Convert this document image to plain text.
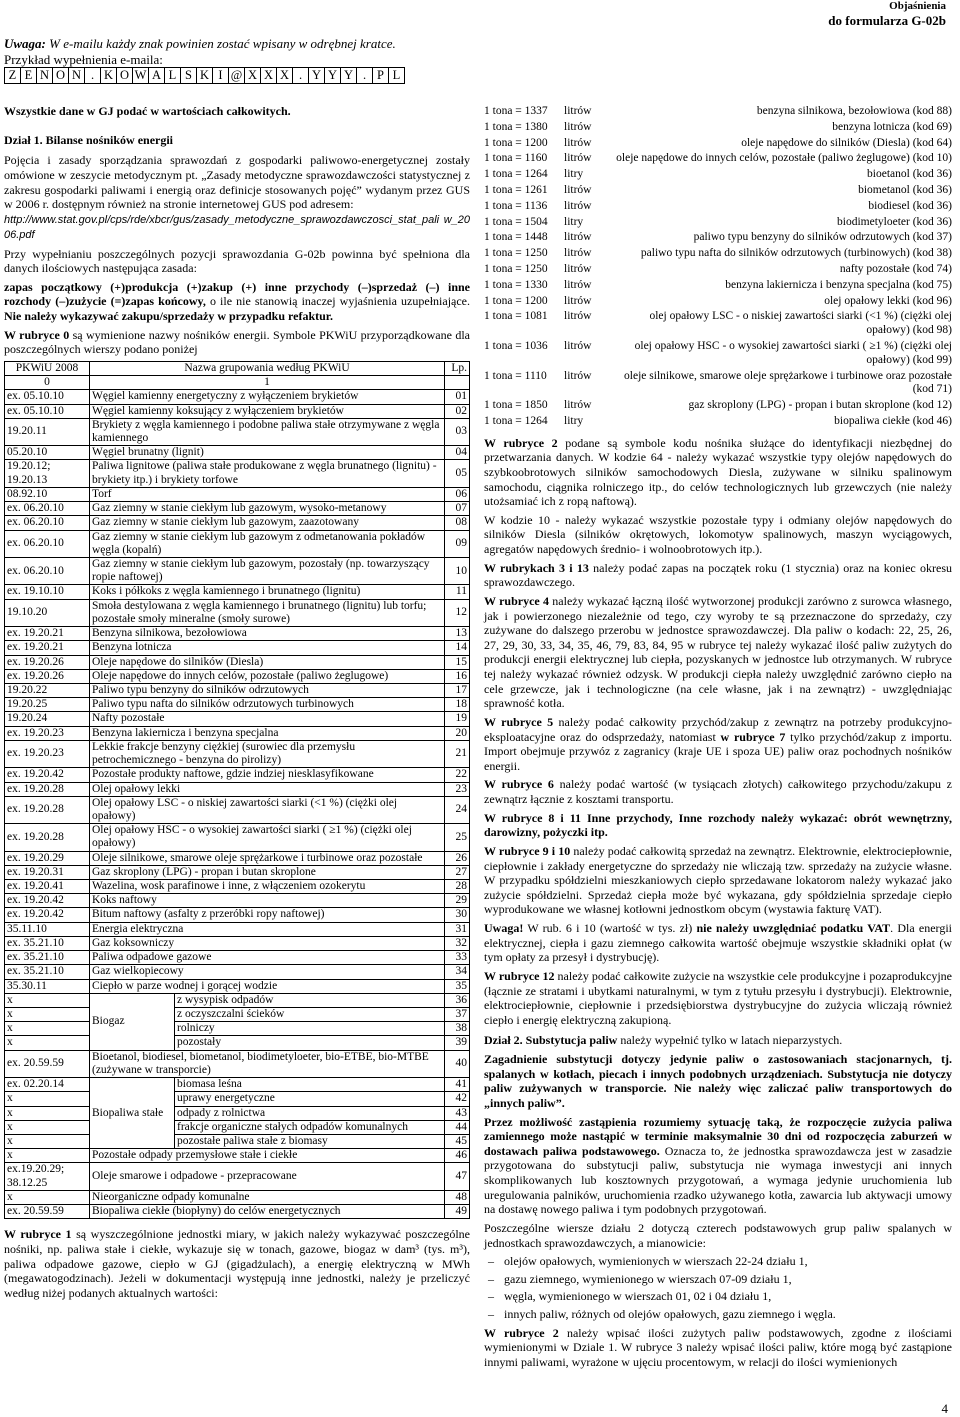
Objaśnienia
do formularza G-02b
Uwaga: W e-mailu każdy znak powinien zostać wpisany w odrębnej kratce.
Przykład wypełnienia e-maila:
Z E N O N . K O W A L S K I @ X X X . Y Y Y . P L

Wszystkie dane w GJ podać w wartościach całkowitych.

Dział 1. Bilanse nośników energii

Pojęcia i zasady sporządzania sprawozdań z gospodarki paliwowo-energetycznej zostały omówione w zeszycie metodycznym pt. „Zasady metodyczne sprawozdawczości statystycznej z zakresu gospodarki paliwami i energią oraz definicje stosowanych pojęć” wydanym przez GUS w 2006 r. dostępnym również na stronie internetowej GUS pod adresem:
http://www.stat.gov.pl/cps/rde/xbcr/gus/zasady_metodyczne_sprawozdawczosci_stat_pali w_2006.pdf

Przy wypełnianiu poszczególnych pozycji sprawozdania G-02b powinna być spełniona dla danych ilościowych następująca zasada:

zapas początkowy (+)produkcja (+)zakup (+) inne przychody (–)sprzedaż (–) inne rozchody (–)zużycie (=)zapas końcowy, o ile nie stanowią inaczej wyjaśnienia uzupełniające. Nie należy wykazywać zakupu/sprzedaży w przypadku refaktur.

W rubryce 0 są wymienione nazwy nośników energii. Symbole PKWiU przyporządkowane dla poszczególnych wierszy podano poniżej

PKWiU 2008	Nazwa grupowania według PKWiU		Lp.
0	1		
ex. 05.10.10	Węgiel kamienny energetyczny z wyłączeniem brykietów		01
ex. 05.10.10	Węgiel kamienny koksujący z wyłączeniem brykietów		02
19.20.11	Brykiety z węgla kamiennego i podobne paliwa stałe otrzymywane z węgla kamiennego		03
05.20.10	Węgiel brunatny (lignit)		04
19.20.12; 19.20.13	Paliwa lignitowe (paliwa stałe produkowane z węgla brunatnego (lignitu) - brykiety itp.) i brykiety torfowe		05
08.92.10	Torf		06
ex. 06.20.10	Gaz ziemny w stanie ciekłym lub gazowym, wysoko-metanowy		07
ex. 06.20.10	Gaz ziemny w stanie ciekłym lub gazowym, zaazotowany		08
ex. 06.20.10	Gaz ziemny w stanie ciekłym lub gazowym z odmetanowania pokładów węgla (kopalń)		09
ex. 06.20.10	Gaz ziemny w stanie ciekłym lub gazowym, pozostały (np. towarzyszący ropie naftowej)		10
ex. 19.10.10	Koks i półkoks z węgla kamiennego i brunatnego (lignitu)		11
19.10.20	Smoła destylowana z węgla kamiennego i brunatnego (lignitu) lub torfu; pozostałe smoły mineralne (smoły surowe)		12
ex. 19.20.21	Benzyna silnikowa, bezołowiowa		13
ex. 19.20.21	Benzyna lotnicza		14
ex. 19.20.26	Oleje napędowe do silników (Diesla)		15
ex. 19.20.26	Oleje napędowe do innych celów, pozostałe (paliwo żeglugowe)		16
19.20.22	Paliwo typu benzyny do silników odrzutowych		17
19.20.25	Paliwo typu nafta do silników odrzutowych turbinowych		18
19.20.24	Nafty pozostałe		19
ex. 19.20.23	Benzyna lakiernicza i benzyna specjalna		20
ex. 19.20.23	Lekkie frakcje benzyny ciężkiej (surowiec dla przemysłu petrochemicznego - benzyna do pirolizy)		21
ex. 19.20.42	Pozostałe produkty naftowe, gdzie indziej niesklasyfikowane		22
ex. 19.20.28	Olej opałowy lekki		23
ex. 19.20.28	Olej opałowy LSC - o niskiej zawartości siarki (<1 %) (ciężki olej opałowy)		24
ex. 19.20.28	Olej opałowy HSC - o wysokiej zawartości siarki ( ≥1 %) (ciężki olej opałowy)		25
ex. 19.20.29	Oleje silnikowe, smarowe oleje sprężarkowe i turbinowe oraz pozostałe		26
ex. 19.20.31	Gaz skroplony (LPG) - propan i butan skroplone		27
ex. 19.20.41	Wazelina, wosk parafinowe i inne, z włączeniem ozokerytu		28
ex. 19.20.42	Koks naftowy		29
ex. 19.20.42	Bitum naftowy (asfalty z przeróbki ropy naftowej)		30
35.11.10	Energia elektryczna		31
ex. 35.21.10	Gaz koksowniczy		32
ex. 35.21.10	Paliwa odpadowe gazowe		33
ex. 35.21.10	Gaz wielkopiecowy		34
35.30.11	Ciepło w parze wodnej i gorącej wodzie		35
x	Biogaz	z wysypisk odpadów	36
x		z oczyszczalni ścieków	37
x		rolniczy	38
x		pozostały	39
ex. 20.59.59	Bioetanol, biodiesel, biometanol, biodimetyloeter, bio-ETBE, bio-MTBE (zużywane w transporcie)		40
ex. 02.20.14	Biopaliwa stałe	biomasa leśna	41
x		uprawy energetyczne	42
x		odpady z rolnictwa	43
x		frakcje organiczne stałych odpadów komunalnych	44
x		pozostałe paliwa stałe z biomasy	45
x	Pozostałe odpady przemysłowe stałe i ciekłe		46
ex.19.20.29; 38.12.25	Oleje smarowe i odpadowe - przepracowane		47
x	Nieorganiczne odpady komunalne		48
ex. 20.59.59	Biopaliwa ciekłe (biopłyny) do celów energetycznych		49

W rubryce 1 są wyszczególnione jednostki miary, w jakich należy wykazywać poszczególne nośniki, np. paliwa stałe i ciekłe, wykazuje się w tonach, gazowe, biogaz w dam³ (tys. m³), paliwa odpadowe gazowe, ciepło w GJ (gigadżulach), a energię elektryczną w MWh (megawatogodzinach). Jeżeli w dokumentacji występują inne jednostki, należy je przeliczyć według niżej podanych aktualnych wartości:

1 tona = 1337	litrów	benzyna silnikowa, bezołowiowa (kod 88)
1 tona = 1380	litrów	benzyna lotnicza (kod 69)
1 tona = 1200	litrów	oleje napędowe do silników (Diesla) (kod 64)
1 tona = 1160	litrów	oleje napędowe do innych celów, pozostałe (paliwo żeglugowe) (kod 10)
1 tona = 1264	litry	bioetanol (kod 36)
1 tona = 1261	litrów	biometanol (kod 36)
1 tona = 1136	litrów	biodiesel (kod 36)
1 tona = 1504	litry	biodimetyloeter (kod 36)
1 tona = 1448	litrów	paliwo typu benzyny do silników odrzutowych (kod 37)
1 tona = 1250	litrów	paliwo typu nafta do silników odrzutowych (turbinowych) (kod 38)
1 tona = 1250	litrów	nafty pozostałe (kod 74)
1 tona = 1330	litrów	benzyna lakiernicza i benzyna specjalna (kod 75)
1 tona = 1200	litrów	olej opałowy lekki (kod 96)
1 tona = 1081	litrów	olej opałowy LSC - o niskiej zawartości siarki (<1 %) (ciężki olej opałowy) (kod 98)
1 tona = 1036	litrów	olej opałowy HSC - o wysokiej zawartości siarki ( ≥1 %) (ciężki olej opałowy) (kod 99)
1 tona = 1110	litrów	oleje silnikowe, smarowe oleje sprężarkowe i turbinowe oraz pozostałe (kod 71)
1 tona = 1850	litrów	gaz skroplony (LPG) - propan i butan skroplone (kod 12)
1 tona = 1264	litry	biopaliwa ciekłe (kod 46)

W rubryce 2 podane są symbole kodu nośnika służące do identyfikacji niezbędnej do przetwarzania danych. W kodzie 64 - należy wykazać wszystkie typy olejów napędowych do szybkoobrotowych silników samochodowych Diesla, zużywane w silniku spalinowym samochodu, ciągnika rolniczego itp., do celów technologicznych lub grzewczych (nie należy utożsamiać ich z ropą naftową).

W kodzie 10 - należy wykazać wszystkie pozostałe typy i odmiany olejów napędowych do silników Diesla (silników okrętowych, lokomotyw spalinowych, maszyn wyciągowych, agregatów napędowych średnio- i wolnoobrotowych itp.).

W rubrykach 3 i 13 należy podać zapas na początek roku (1 stycznia) oraz na koniec okresu sprawozdawczego.

W rubryce 4 należy wykazać łączną ilość wytworzonej produkcji zarówno z surowca własnego, jak i powierzonego niezależnie od tego, czy wyroby te są przeznaczone do sprzedaży, czy zużywane do dalszego przerobu w jednostce sprawozdawczej. Dla paliw o kodach: 22, 25, 26, 27, 29, 30, 33, 34, 35, 46, 79, 83, 84, 95 w rubryce tej należy wykazać ilość paliw zużytych do produkcji energii elektrycznej lub ciepła, pozyskanych w jednostce lub otrzymanych. W rubryce tej należy wykazać również odzysk. W produkcji ciepła należy uwzględnić zarówno ciepło na cele grzewcze, jak i technologiczne (na cele własne, jak i na zewnątrz) - uwzględniając sprawność kotła.

W rubryce 5 należy podać całkowity przychód/zakup z zewnątrz na potrzeby produkcyjno-eksploatacyjne oraz do odsprzedaży, natomiast w rubryce 7 tylko przychód/zakup z importu. Import obejmuje przywóz z zagranicy (kraje UE i spoza UE) paliw oraz pochodnych nośników energii.

W rubryce 6 należy podać wartość (w tysiącach złotych) całkowitego przychodu/zakupu z zewnątrz łącznie z kosztami transportu.

W rubryce 8 i 11 Inne przychody, Inne rozchody należy wykazać: obrót wewnętrzny, darowizny, pożyczki itp.

W rubryce 9 i 10 należy podać całkowitą sprzedaż na zewnątrz. Elektrownie, elektrociepłownie, ciepłownie i zakłady energetyczne do sprzedaży nie wliczają tzw. sprzedaży na zużycie własne. W przypadku spółdzielni mieszkaniowych ciepło sprzedawane lokatorom należy wykazać jako zużycie spółdzielni. Sprzedaż ciepła może być wykazana, gdy spółdzielnia sprzedaje ciepło wyprodukowane we własnej kotłowni jednostkom obcym (wystawia fakturę VAT).

Uwaga! W rub. 6 i 10 (wartość w tys. zł) nie należy uwzględniać podatku VAT. Dla energii elektrycznej, ciepła i gazu ziemnego całkowita wartość obejmuje wszystkie składniki opłat (w tym opłaty za przesył i dystrybucję).

W rubryce 12 należy podać całkowite zużycie na wszystkie cele produkcyjne i pozaprodukcyjne (łącznie ze stratami i ubytkami naturalnymi, w tym z tytułu przesyłu i dystrybucji). Elektrownie, elektrociepłownie, ciepłownie i przedsiębiorstwa dystrybucyjne do zużycia wliczają również ciepło i energię elektryczną zakupioną.

Dział 2. Substytucja paliw należy wypełnić tylko w latach nieparzystych.

Zagadnienie substytucji dotyczy jedynie paliw o zastosowaniach stacjonarnych, tj. spalanych w kotłach, piecach i innych podobnych urządzeniach. Substytucja nie dotyczy paliw zużywanych w transporcie. Nie należy więc zaliczać paliw transportowych do „innych paliw”.

Przez możliwość zastąpienia rozumiemy sytuację taką, że rozpoczęcie zużycia paliwa zamiennego może nastąpić w terminie maksymalnie 30 dni od rozpoczęcia zaburzeń w dostawach paliwa podstawowego. Oznacza to, że jednostka sprawozdawcza jest w zasadzie przygotowana do substytucji paliw, substytucja nie wymaga inwestycji ani innych skomplikowanych lub kosztownych przygotowań, a wymaga jedynie uruchomienia lub uregulowania palników, uruchomienia rzadko używanego kotła, zawarcia lub aktywacji umowy na dostawę nowego paliwa i tym podobnych przygotowań.

Poszczególne wiersze działu 2 dotyczą czterech podstawowych grup paliw spalanych w jednostkach sprawozdawczych, a mianowicie:

– olejów opałowych, wymienionych w wierszach 22-24 działu 1,
– gazu ziemnego, wymienionego w wierszach 07-09 działu 1,
– węgla, wymienionego w wierszach 01, 02 i 04 działu 1,
– innych paliw, różnych od olejów opałowych, gazu ziemnego i węgla.

W rubryce 2 należy wpisać ilości zużytych paliw podstawowych, zgodne z ilościami wymienionymi w Dziale 1. W rubryce 3 należy wpisać ilości paliw, które mogą być zastąpione innymi paliwami, wyrażone w ujęciu procentowym, w relacji do ilości wymienionych

4
